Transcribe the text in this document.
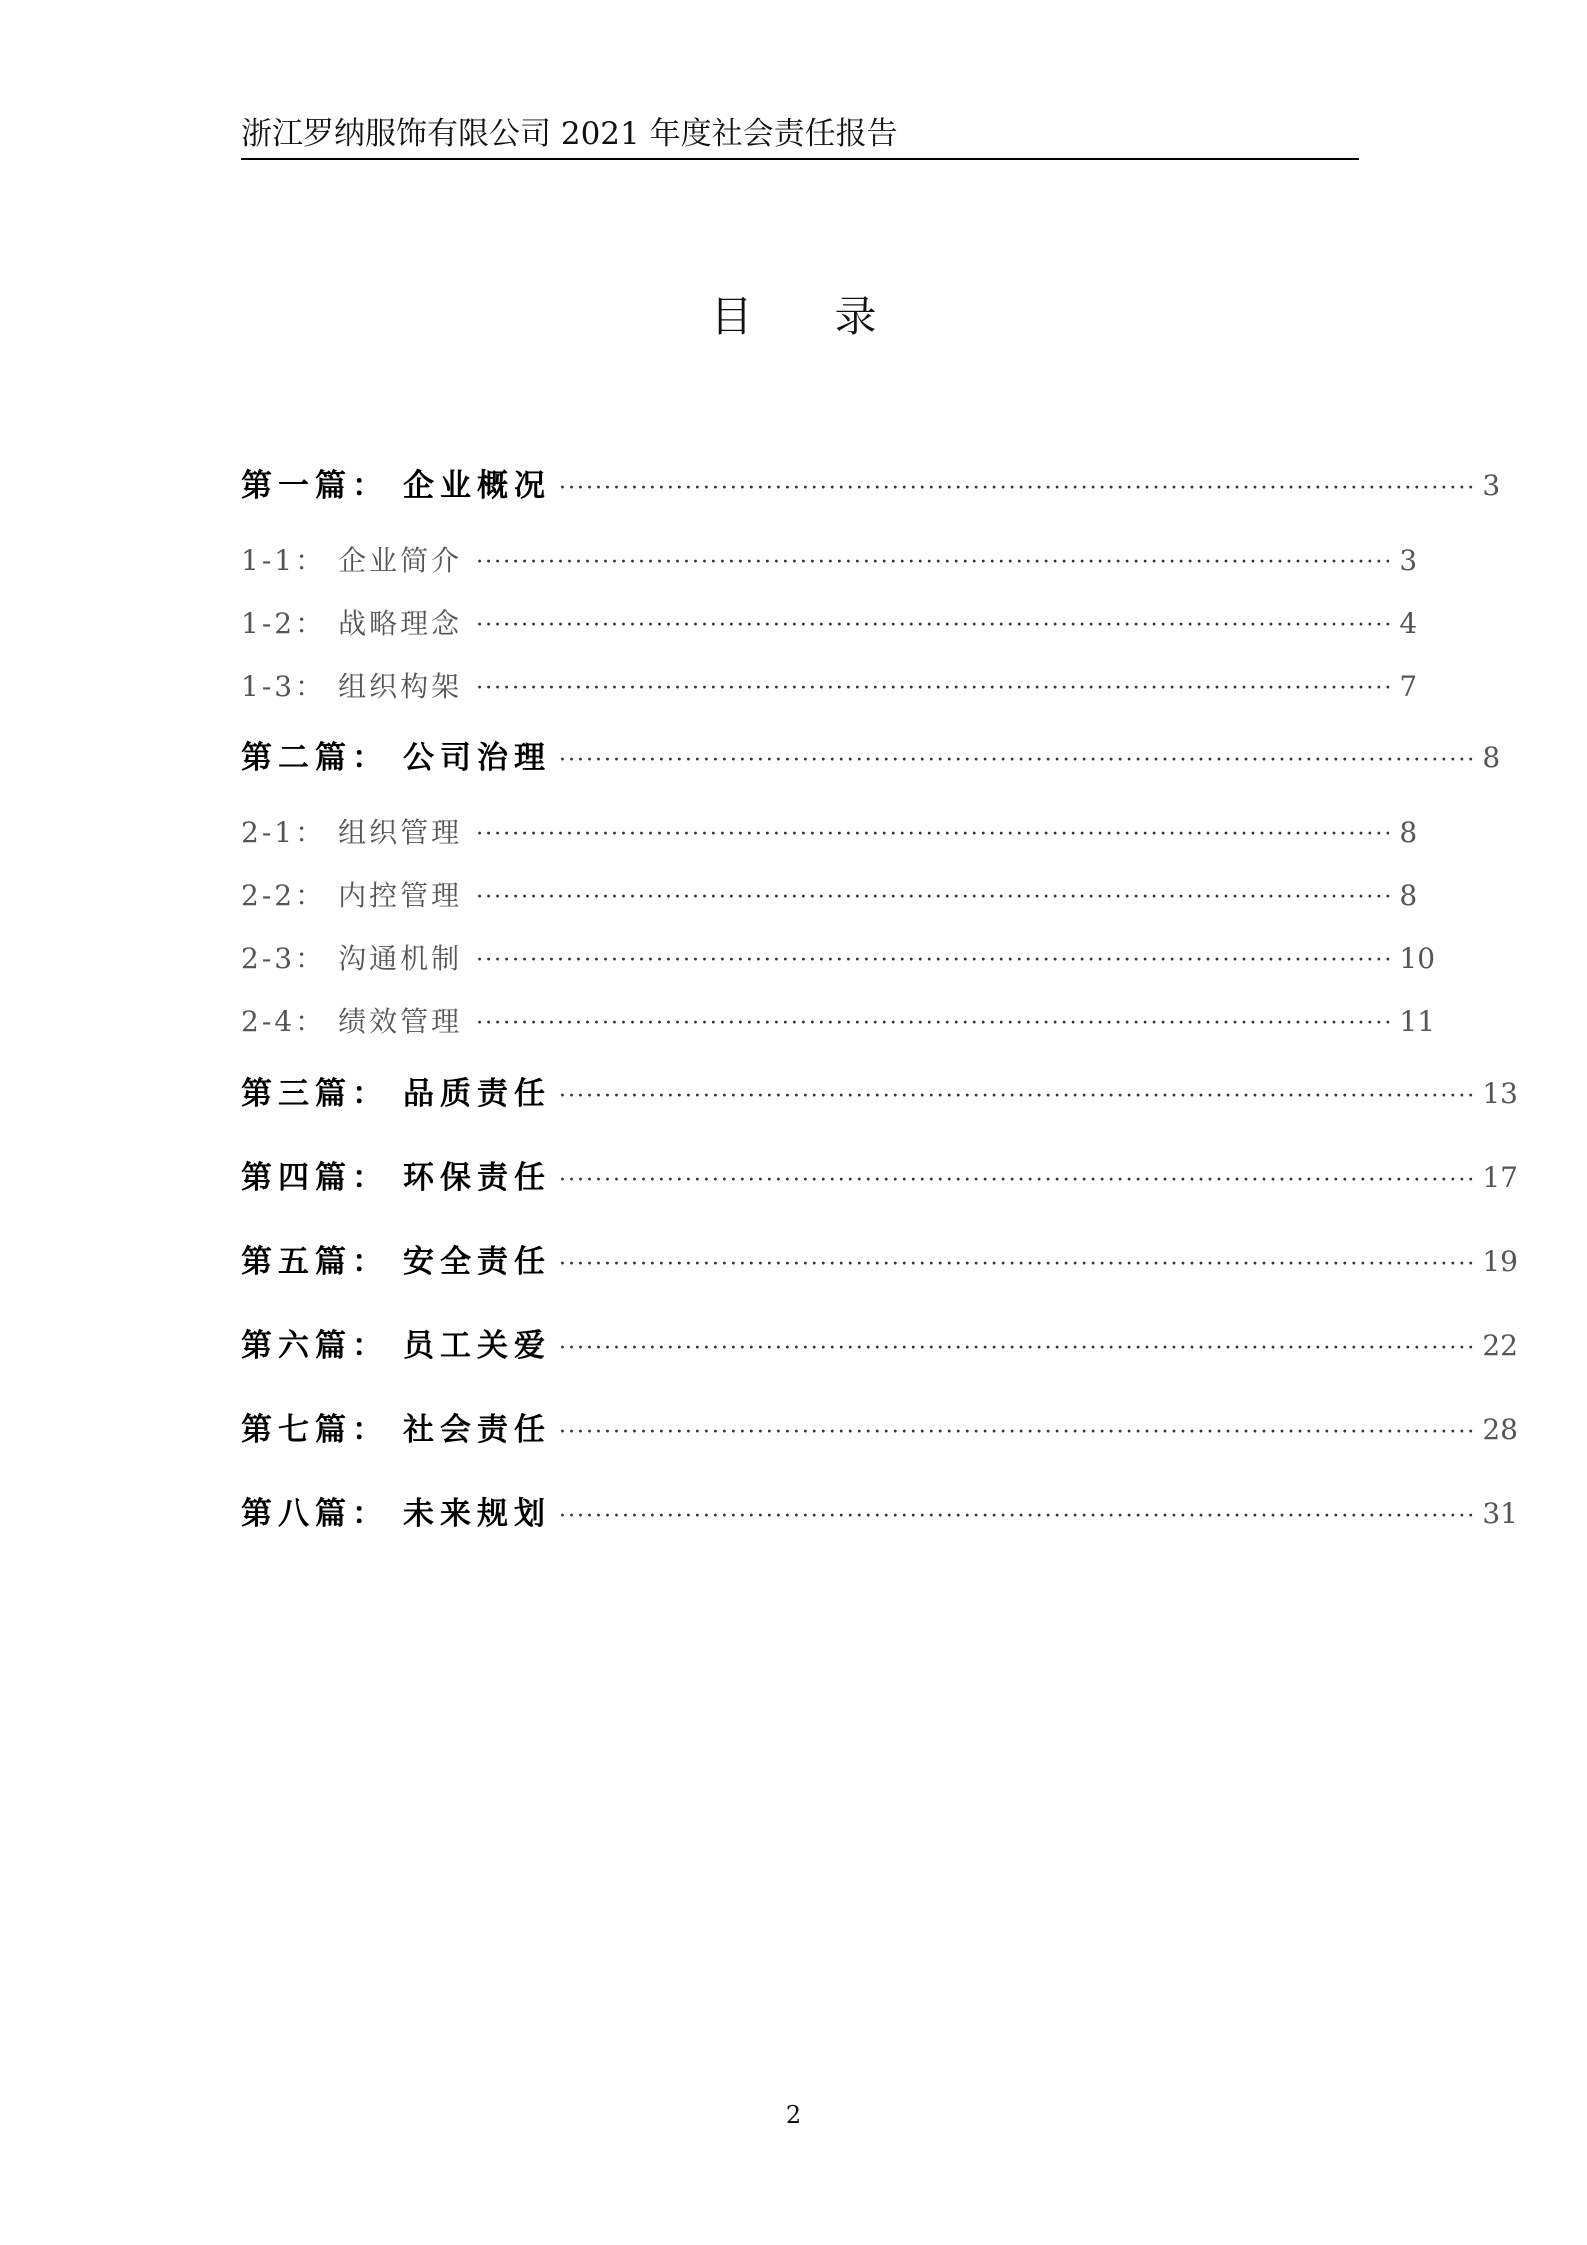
浙江罗纳服饰有限公司 2021 年度社会责任报告
目录
第一篇： 企业概况 ······································································································ 3
1-1： 企业简介 ······································································································ 3
1-2： 战略理念 ······································································································ 4
1-3： 组织构架 ······································································································ 7
第二篇： 公司治理 ······································································································ 8
2-1： 组织管理 ······································································································ 8
2-2： 内控管理 ······································································································ 8
2-3： 沟通机制 ······································································································ 10
2-4： 绩效管理 ······································································································ 11
第三篇： 品质责任 ······································································································ 13
第四篇： 环保责任 ······································································································ 17
第五篇： 安全责任 ······································································································ 19
第六篇： 员工关爱 ······································································································ 22
第七篇： 社会责任 ······································································································ 28
第八篇： 未来规划 ······································································································ 31
2
